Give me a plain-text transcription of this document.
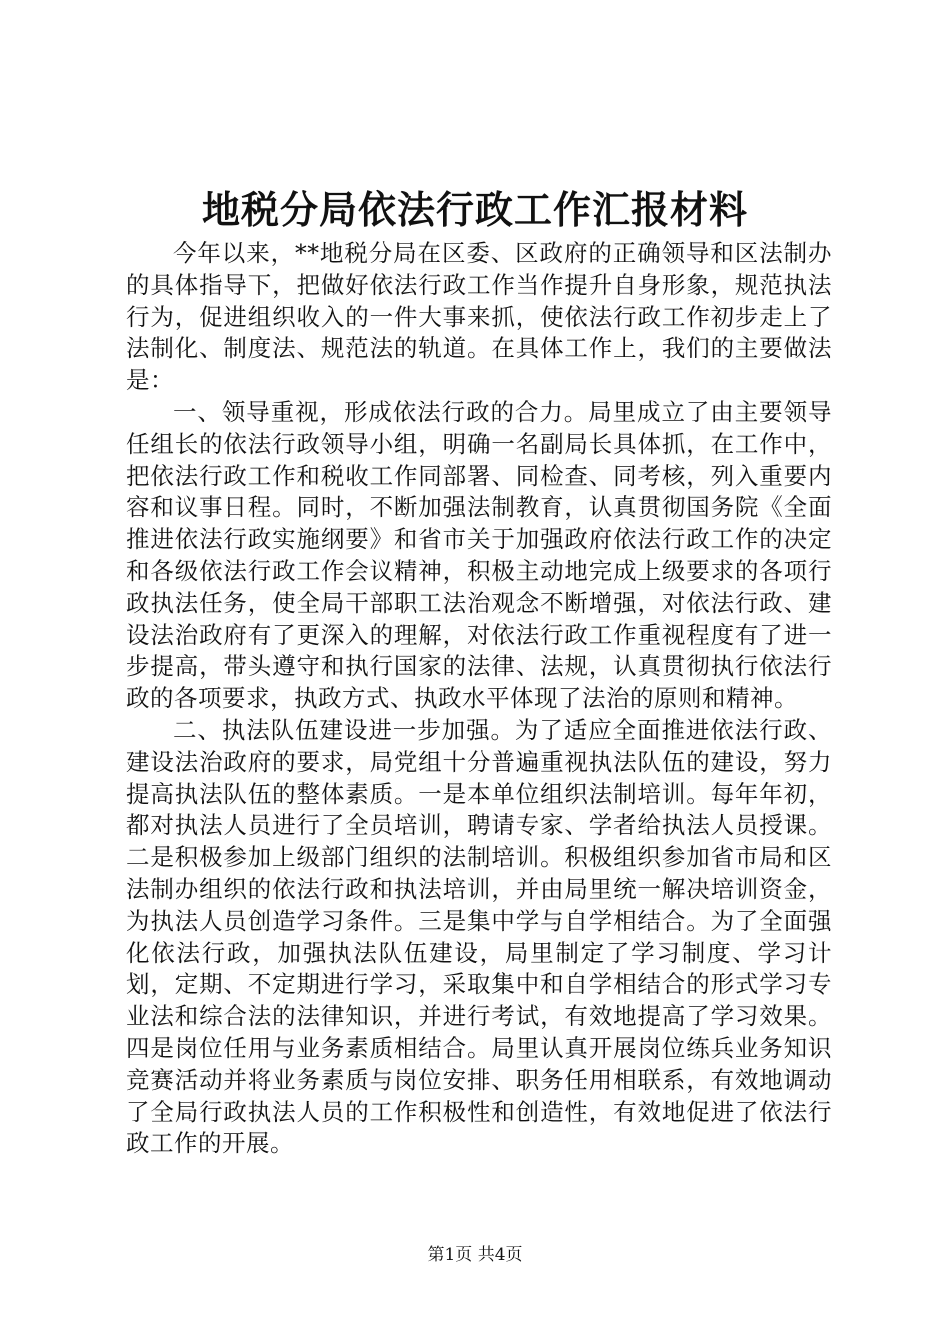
地税分局依法行政工作汇报材料

今年以来，**地税分局在区委、区政府的正确领导和区法制办的具体指导下，把做好依法行政工作当作提升自身形象，规范执法行为，促进组织收入的一件大事来抓，使依法行政工作初步走上了法制化、制度法、规范法的轨道。在具体工作上，我们的主要做法是：

一、领导重视，形成依法行政的合力。局里成立了由主要领导任组长的依法行政领导小组，明确一名副局长具体抓，在工作中，把依法行政工作和税收工作同部署、同检查、同考核，列入重要内容和议事日程。同时，不断加强法制教育，认真贯彻国务院《全面推进依法行政实施纲要》和省市关于加强政府依法行政工作的决定和各级依法行政工作会议精神，积极主动地完成上级要求的各项行政执法任务，使全局干部职工法治观念不断增强，对依法行政、建设法治政府有了更深入的理解，对依法行政工作重视程度有了进一步提高，带头遵守和执行国家的法律、法规，认真贯彻执行依法行政的各项要求，执政方式、执政水平体现了法治的原则和精神。

二、执法队伍建设进一步加强。为了适应全面推进依法行政、建设法治政府的要求，局党组十分普遍重视执法队伍的建设，努力提高执法队伍的整体素质。一是本单位组织法制培训。每年年初，都对执法人员进行了全员培训，聘请专家、学者给执法人员授课。二是积极参加上级部门组织的法制培训。积极组织参加省市局和区法制办组织的依法行政和执法培训，并由局里统一解决培训资金，为执法人员创造学习条件。三是集中学与自学相结合。为了全面强化依法行政，加强执法队伍建设，局里制定了学习制度、学习计划，定期、不定期进行学习，采取集中和自学相结合的形式学习专业法和综合法的法律知识，并进行考试，有效地提高了学习效果。四是岗位任用与业务素质相结合。局里认真开展岗位练兵业务知识竞赛活动并将业务素质与岗位安排、职务任用相联系，有效地调动了全局行政执法人员的工作积极性和创造性，有效地促进了依法行政工作的开展。

第1页 共4页
